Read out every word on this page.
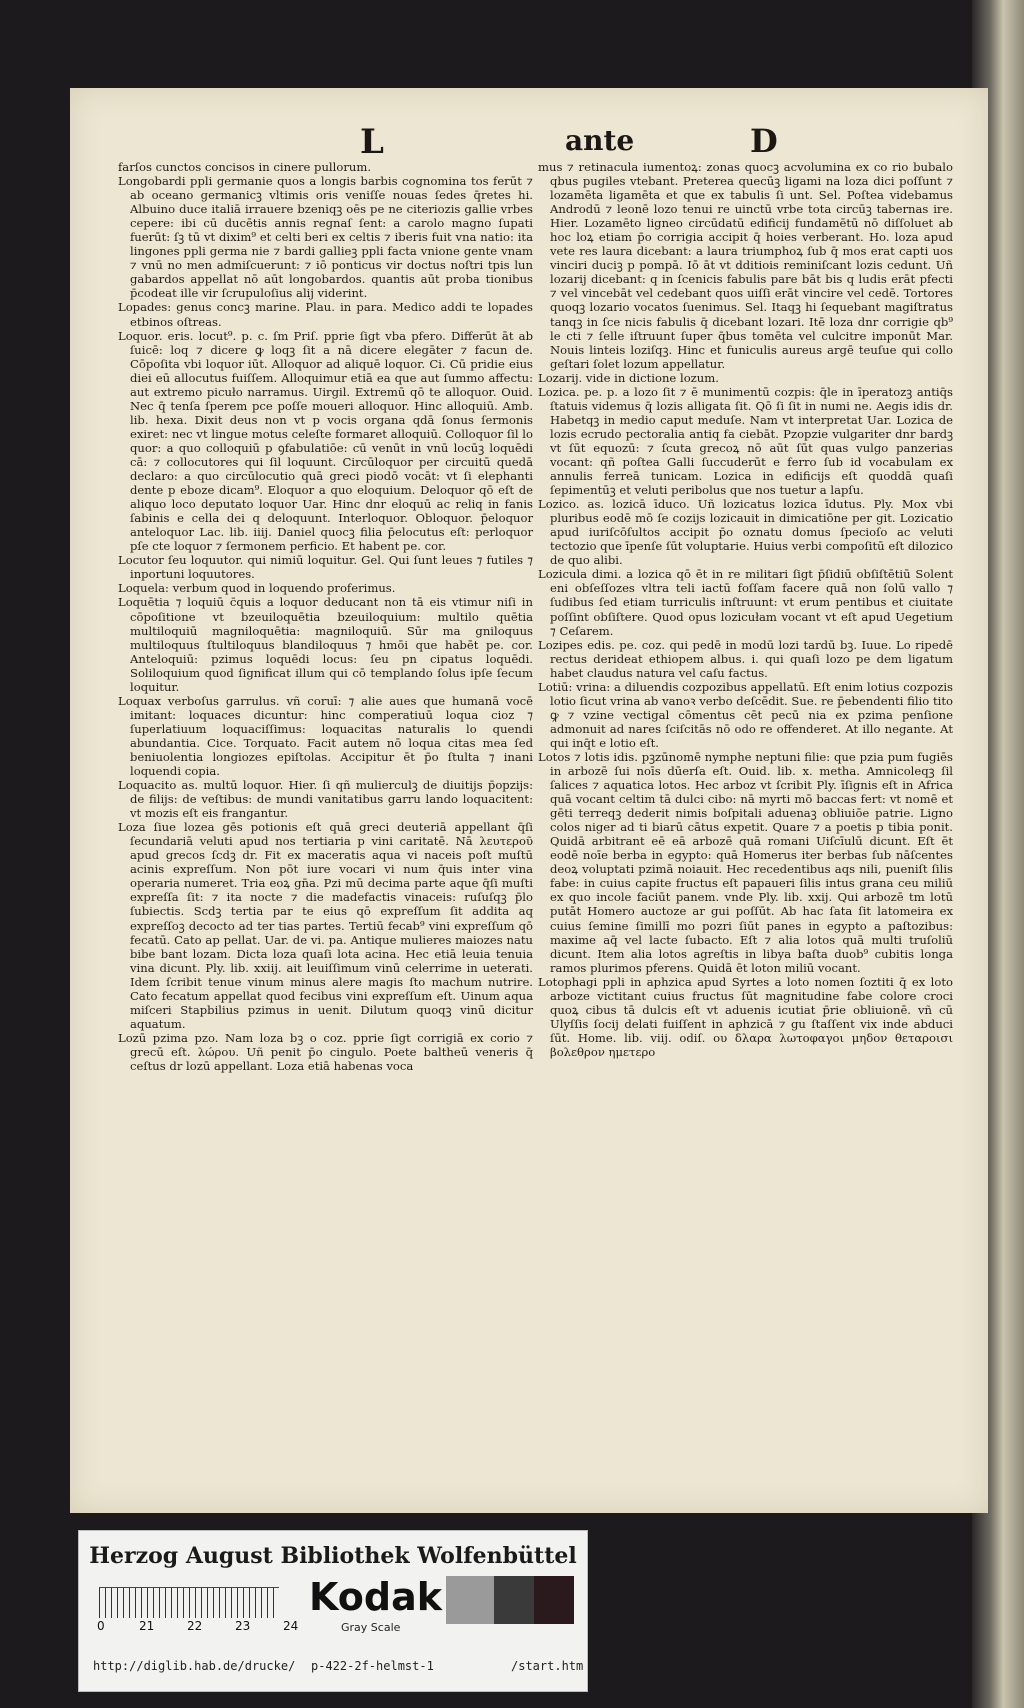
L	ante	D

farſos cunctos concisos in cinere pullorum.

Longobardi ppli germanie quos a longis barbis cognomina tos ferūt ⁊ ab oceano germanicꝫ vltimis oris veniſſe nouas ſedes q̄retes hi. Albuino duce italiā irrauere bzeniqꝫ oēs pe ne citeriozis gallie vrbes cepere: ibi cū ducētis annis regnaſ ſent: a carolo magno ſupati fuerūt: ſꝫ tū vt dixim⁹ et celti beri ex celtis ⁊ iberis fuit vna natio: ita lingones ppli germa nie ⁊ bardi gallieꝫ ppli facta vnione gente vnam ⁊ vnū no men admiſcuerunt: ⁊ iō ponticus vir doctus noſtri tpis lun gabardos appellat nō aūt longobardos. quantis aūt proba tionibus p̄codeat ille vir ſcrupuloſius alij viderint.

Lopades: genus concꝫ marine. Plau. in para. Medico addi te lopades etbinos oſtreas.

Loquor. eris. locut⁹. p. c. ſm Priſ. pprie ſigt vba pfero. Differūt āt ab ſuicē: loq ⁊ dicere ꝙ loqꝫ ſit a nā dicere elegāter ⁊ facun de. Cōpoſita vbi loquor iūt. Alloquor ad aliquē loquor. Ci. Cū pridie eius diei eū allocutus fuiſſem. Alloquimur etiā ea que aut ſummo affectu: aut extremo picuło narramus. Uirgil. Extremū qō te alloquor. Ouid. Nec q̄ tenſa ſperem pce poſſe moueri alloquor. Hinc alloquiū. Amb. lib. hexa. Dixit deus non vt p vocis organa qdā ſonus ſermonis exiret: nec vt lingue motus celeſte formaret alloquiū. Colloquor ſil lo quor: a quo colloquiū p ꝯfabulatiōe: cū venūt in vnū locūꝫ loquēdi cā: ⁊ collocutores qui ſil loquunt. Circūloquor per circuitū quedā declaro: a quo circūlocutio quā greci piodō vocāt: vt ſi elephanti dente p eboze dicam⁹. Eloquor a quo eloquium. Deloquor qō eſt de aliquo loco deputato loquor Uar. Hinc dnr eloquū ac reliq in fanis ſabinis e cella dei q deloquunt. Interloquor. Obloquor. p̄eloquor anteloquor Lac. lib. iiij. Daniel quocꝫ filia p̄elocutus eſt: perloquor pſe cte loquor ⁊ ſermonem perficio. Et habent pe. cor.

Locutor ſeu loquutor. qui nimiū loquitur. Gel. Qui ſunt leues ⁊ futiles ⁊ inportuni loquutores.

Loquela: verbum quod in loquendo proferimus.

Loquētia ⁊ loquiū c̄quis a loquor deducant non tā eis vtimur niſi in cōpoſitione vt bzeuiloquētia bzeuiloquium: multilo quētia multiloquiū magniloquētia: magniloquiū. Sūr ma gniloquus multiloquus ſtultiloquus blandiloquus ⁊ hmōi que habēt pe. cor. Anteloquiū: pzimus loquēdi locus: ſeu pn cipatus loquēdi. Soliloquium quod ſignificat illum qui cō templando ſolus ipſe ſecum loquitur.

Loquax verboſus garrulus. vñ coruī: ⁊ alie aues que humanā vocē imitant: loquaces dicuntur: hinc comperatiuū loqua cioz ⁊ ſuperlatiuum loquaciſſimus: loquacitas naturalis lo quendi abundantia. Cice. Torquato. Facit autem nō loqua citas mea ſed beniuolentia longiozes epiſtolas. Accipitur ēt p̄o ſtulta ⁊ inani loquendi copia.

Loquacito as. multū loquor. Hier. ſi qñ mulierculꝫ de diuitijs p̄opzijs: de filijs: de veſtibus: de mundi vanitatibus garru lando loquacitent: vt mozis eſt eis frangantur.

Loza ſiue lozea gēs potionis eſt quā greci deuteriā appellant q̄ſi ſecundariā veluti apud nos tertiaria p vini caritatē. Nā λευτεροῦ apud grecos ſcdꝫ dr. Fit ex maceratis aqua vi naceis poſt muſtū acinis expreſſum. Non pōt iure vocari vi num q̄uis inter vina operaria numeret. Tria eoꝝ gn̄a. Pzi mū decima parte aque q̄ſi muſti expreſſa ſit: ⁊ ita nocte ⁊ die madefactis vinaceis: ruſuſqꝫ p̄lo ſubiectis. Scdꝫ tertia par te eius qō expreſſum ſit addita aq expreſſoꝫ decocto ad ter tias partes. Tertiū fecab⁹ vini expreſſum qō fecatū. Cato ap pellat. Uar. de vi. pa. Antique mulieres maiozes natu bibe bant lozam. Dicta loza quaſi lota acina. Hec etiā leuia tenuia vina dicunt. Ply. lib. xxiij. ait leuiſſimum vinū celerrime in ueterati. Idem ſcribit tenue vinum minus alere magis ſto machum nutrire. Cato fecatum appellat quod fecibus vini expreſſum eſt. Uinum aqua miſceri Stapbilius pzimus in uenit. Dilutum quoqꝫ vinū dicitur aquatum.

Lozū pzima pzo. Nam loza bꝫ o coz. pprie ſigt corrigiā ex corio ⁊ grecū eſt. λώρου. Uñ penit p̄o cingulo. Poete baltheū veneris q̄ ceſtus dr lozū appellant. Loza etiā habenas voca

mus ⁊ retinacula iumentoꝝ: zonas quocꝫ acvolumina ex co rio bubalo qbus pugiles vtebant. Preterea quecūꝫ ligami na loza dici poſſunt ⁊ lozamēta ligamēta et que ex tabulis ſi unt. Sel. Poſtea videbamus Androdū ⁊ leonē lozo tenui re uinctū vrbe tota circūꝫ tabernas ire. Hier. Lozamēto ligneo circūdatū edificij fundamētū nō diſſoluet ab hoc loꝝ etiam p̄o corrigia accipit q̄ hoies verberant. Ho. loza apud vete res laura dicebant: a laura triumphoꝝ ſub q̄ mos erat capti uos vinciri duciꝫ p pompā. Iō āt vt dditiois reminiſcant lozis cedunt. Uñ lozarij dicebant: q in ſcenicis fabulis pare bāt bis q ludis erāt pfecti ⁊ vel vincebāt vel cedebant quos uiſſi erāt vincire vel cedē. Tortores quoqꝫ lozario vocatos ſuenimus. Sel. Itaqꝫ hi ſequebant magiſtratus tanqꝫ in ſce nicis fabulis q̄ dicebant lozari. Itē loza dnr corrigie qb⁹ le cti ⁊ ſelle iſtruunt ſuper q̄bus tomēta vel culcitre imponūt Mar. Nouis linteis loziſqꝫ. Hinc et funiculis aureus argē teuſue qui collo geſtari ſolet lozum appellatur.

Lozarij. vide in dictione lozum.

Lozica. pe. p. a lozo ſit ⁊ ē munimentū cozpis: q̄le in īperatozꝫ antiq̄s ſtatuis videmus q̄ lozis alligata ſit. Qō ſi ſit in numi ne. Aegis idis dr. Habetqꝫ in medio caput meduſe. Nam vt interpretat Uar. Lozica de lozis ecrudo pectoralia antiq fa ciebāt. Pzopzie vulgariter dnr bardꝫ vt ſūt equozū: ⁊ ſcuta grecoꝝ nō aūt ſūt quas vulgo panzerias vocant: qñ poſtea Galli ſuccuderūt e ferro ſub id vocabulam ex annulis ferreā tunicam. Lozica in edificijs eſt quoddā quaſi ſepimentūꝫ et veluti peribolus que nos tuetur a lapſu.

Lozico. as. lozicā īduco. Uñ lozicatus lozica īdutus. Ply. Mox vbi pluribus eodē mō ſe cozijs lozicauit in dimicatiōne per git. Lozicatio apud iuriſcōſultos accipit p̄o oznatu domus ſpecioſo ac veluti tectozio que īpenſe ſūt voluptarie. Huius verbi compoſitū eſt dilozico de quo alibi.

Lozicula dimi. a lozica qō ēt in re militari ſigt p̄ſidiū obſiſtētiū Solent eni obſeſſozes vltra teli iactū foſſam facere quā non ſolū vallo ⁊ ſudibus ſed etiam turriculis inſtruunt: vt erum pentibus et ciuitate poſſint obſiſtere. Quod opus lozicułam vocant vt eſt apud Uegetium ⁊ Ceſarem.

Lozipes edis. pe. coz. qui pedē in modū lozi tardū bꝫ. Iuue. Lo ripedē rectus derideat ethiopem albus. i. qui quaſi lozo pe dem ligatum habet claudus natura vel caſu factus.

Lotiū: vrina: a diluendis cozpozibus appellatū. Eſt enim lotius cozpozis lotio ſicut vrina ab vanoꝛ verbo deſcēdit. Sue. re p̄ebendenti filio tito ꝙ ⁊ vzine vectigal cōmentus cēt pecū nia ex pzima penſione admonuit ad nares ſciſcitās nō odo re offenderet. At illo negante. At qui inq̄t e lotio eſt.

Lotos ⁊ lotis idis. pꝫzūnomē nymphe neptuni filie: que pzia pum fugiēs in arbozē ſui noīs dūerſa eſt. Ouid. lib. x. metha. Amnicoleqꝫ ſil ſalices ⁊ aquatica lotos. Hec arboz vt ſcribit Ply. īſignis eſt in Africa quā vocant celtim tā dulci cibo: nā myrti mō baccas fert: vt nomē et gēti terreqꝫ dederit nimis boſpitali aduenaꝫ obliuiōe patrie. Ligno colos niger ad ti biarū cātus expetit. Quare ⁊ a poetis p tibia ponit. Quidā arbitrant eē eā arbozē quā romani Uiſcīulū dicunt. Eſt ēt eodē noīe berba in egypto: quā Homerus iter berbas ſub nāſcentes deoꝝ voluptati pzimā noiauit. Hec recedentibus aqs nili, pueniſt ſilis fabe: in cuius capite fructus eſt papaueri ſilis intus grana ceu miliū ex quo incole faciūt panem. vnde Ply. lib. xxij. Qui arbozē tm lotū putāt Homero auctoze ar gui poſſūt. Ab hac ſata ſit latomeira ex cuius ſemine ſimillī mo pozri ſiūt panes in egypto a paſtozibus: maxime aq̄ vel lacte ſubacto. Eſt ⁊ alia lotos quā multi truſoliū dicunt. Item alia lotos agreſtis in libya baſta duob⁹ cubitis longa ramos plurimos pferens. Quidā ēt loton miliū vocant.

Lotophagi ppli in aphzica apud Syrtes a loto nomen ſoztiti q̄ ex loto arboze victitant cuius fructus ſūt magnitudine fabe colore croci quoꝝ cibus tā dulcis eſt vt aduenis icutiat p̄rie obliuionē. vñ cū Ulyſſis ſocij delati fuiſſent in aphzicā ⁊ gu ſtaſſent vix inde abduci ſūt. Home. lib. viij. odiſ. ου δλαρα λωτοφαγοι μηδον θεταροισι βολεθρον ημετερο

Herzog August Bibliothek Wolfenbüttel
0	21	22	23	24
Kodak
Gray Scale
http://diglib.hab.de/drucke/ p-422-2f-helmst-1	/start.htm
